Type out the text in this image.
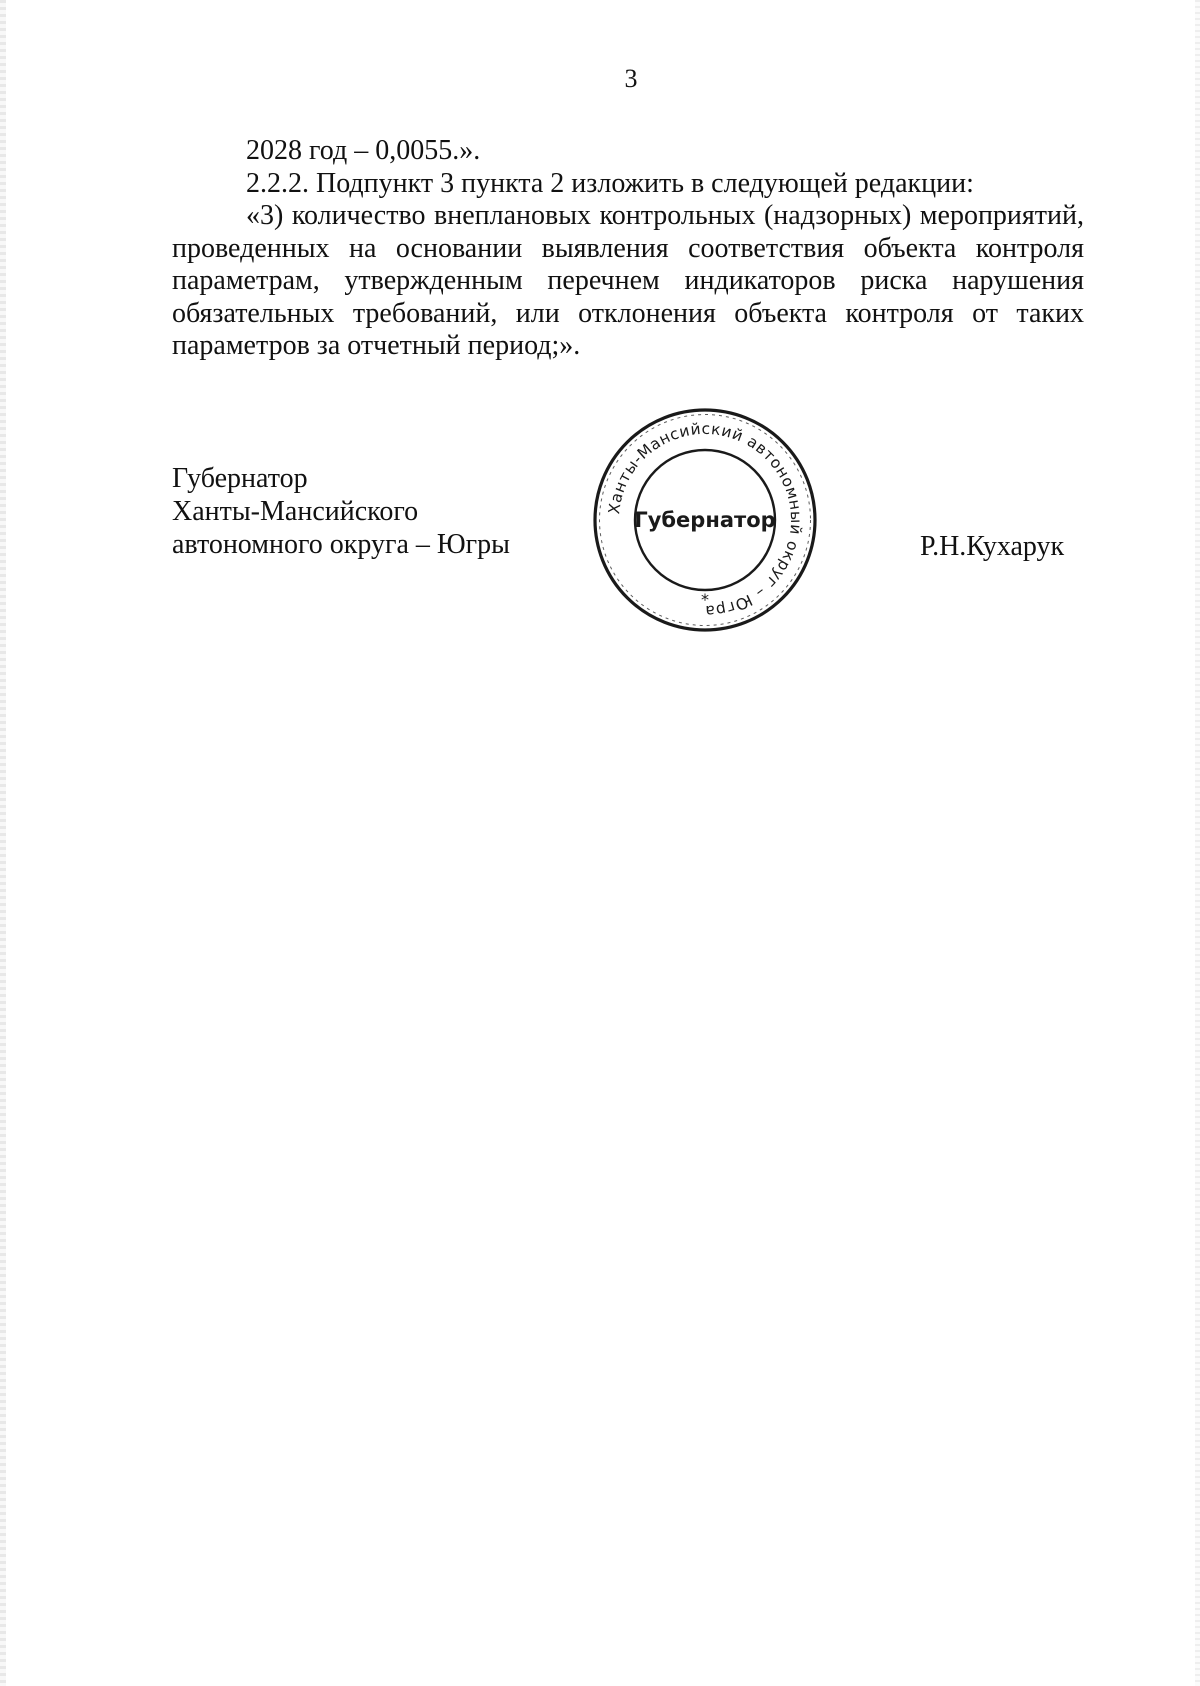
3

2028 год – 0,0055.».

2.2.2. Подпункт 3 пункта 2 изложить в следующей редакции:

«3) количество внеплановых контрольных (надзорных) мероприятий, проведенных на основании выявления соответствия объекта контроля параметрам, утвержденным перечнем индикаторов риска нарушения обязательных требований, или отклонения объекта контроля от таких параметров за отчетный период;».

Губернатор
Ханты-Мансийского
автономного округа – Югры
Ханты-Мансийский автономный округ – Югра
Губернатор
*
Р.Н.Кухарук
